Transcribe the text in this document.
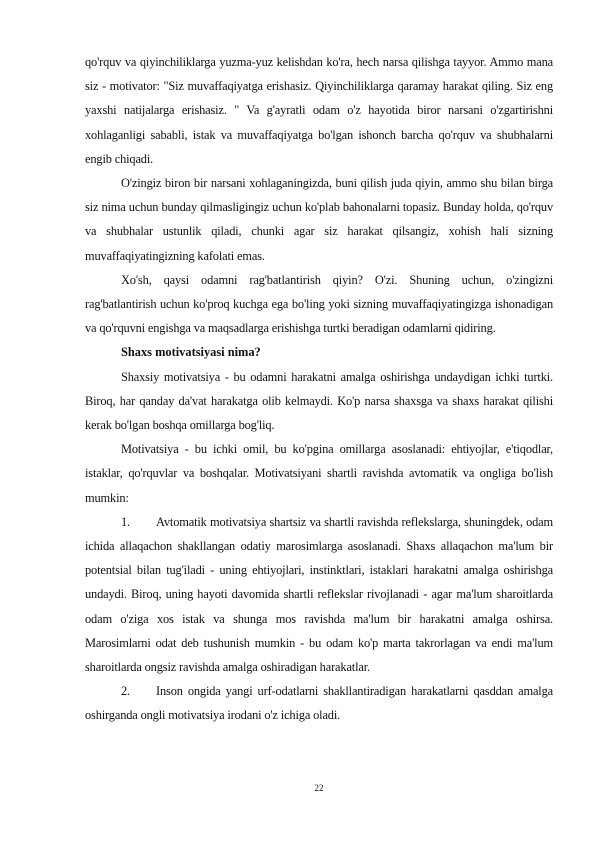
qo'rquv va qiyinchiliklarga yuzma-yuz kelishdan ko'ra, hech narsa qilishga tayyor. Ammo mana siz - motivator: "Siz muvaffaqiyatga erishasiz. Qiyinchiliklarga qaramay harakat qiling. Siz eng yaxshi natijalarga erishasiz. " Va g'ayratli odam o'z hayotida biror narsani o'zgartirishni xohlaganligi sababli, istak va muvaffaqiyatga bo'lgan ishonch barcha qo'rquv va shubhalarni engib chiqadi.

O'zingiz biron bir narsani xohlaganingizda, buni qilish juda qiyin, ammo shu bilan birga siz nima uchun bunday qilmasligingiz uchun ko'plab bahonalarni topasiz. Bunday holda, qo'rquv va shubhalar ustunlik qiladi, chunki agar siz harakat qilsangiz, xohish hali sizning muvaffaqiyatingizning kafolati emas.

Xo'sh, qaysi odamni rag'batlantirish qiyin? O'zi. Shuning uchun, o'zingizni rag'batlantirish uchun ko'proq kuchga ega bo'ling yoki sizning muvaffaqiyatingizga ishonadigan va qo'rquvni engishga va maqsadlarga erishishga turtki beradigan odamlarni qidiring.

Shaxs motivatsiyasi nima?

Shaxsiy motivatsiya - bu odamni harakatni amalga oshirishga undaydigan ichki turtki. Biroq, har qanday da'vat harakatga olib kelmaydi. Ko'p narsa shaxsga va shaxs harakat qilishi kerak bo'lgan boshqa omillarga bog'liq.

Motivatsiya - bu ichki omil, bu ko'pgina omillarga asoslanadi: ehtiyojlar, e'tiqodlar, istaklar, qo'rquvlar va boshqalar. Motivatsiyani shartli ravishda avtomatik va ongliga bo'lish mumkin:

1. Avtomatik motivatsiya shartsiz va shartli ravishda reflekslarga, shuningdek, odam ichida allaqachon shakllangan odatiy marosimlarga asoslanadi. Shaxs allaqachon ma'lum bir potentsial bilan tug'iladi - uning ehtiyojlari, instinktlari, istaklari harakatni amalga oshirishga undaydi. Biroq, uning hayoti davomida shartli reflekslar rivojlanadi - agar ma'lum sharoitlarda odam o'ziga xos istak va shunga mos ravishda ma'lum bir harakatni amalga oshirsa. Marosimlarni odat deb tushunish mumkin - bu odam ko'p marta takrorlagan va endi ma'lum sharoitlarda ongsiz ravishda amalga oshiradigan harakatlar.

2. Inson ongida yangi urf-odatlarni shakllantiradigan harakatlarni qasddan amalga oshirganda ongli motivatsiya irodani o'z ichiga oladi.

22
